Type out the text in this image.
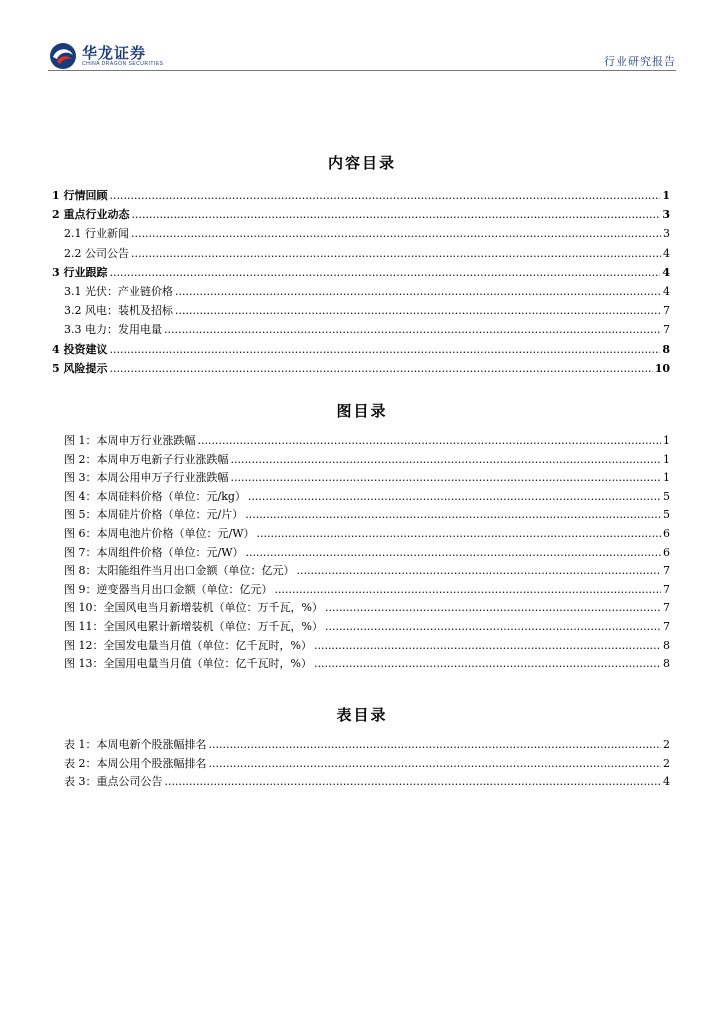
华龙证券
CHINA DRAGON SECURITIES	行业研究报告
内容目录
1 行情回顾 .....	1
2 重点行业动态 .....	3
2.1 行业新闻 .....	3
2.2 公司公告 .....	4
3 行业跟踪 .....	4
3.1 光伏：产业链价格 .....	4
3.2 风电：装机及招标 .....	7
3.3 电力：发用电量 .....	7
4 投资建议 .....	8
5 风险提示 .....	10
图目录
图 1：本周申万行业涨跌幅 .....	1
图 2：本周申万电新子行业涨跌幅 .....	1
图 3：本周公用申万子行业涨跌幅 .....	1
图 4：本周硅料价格（单位：元/kg） .....	5
图 5：本周硅片价格（单位：元/片） .....	5
图 6：本周电池片价格（单位：元/W） .....	6
图 7：本周组件价格（单位：元/W） .....	6
图 8：太阳能组件当月出口金额（单位：亿元） .....	7
图 9：逆变器当月出口金额（单位：亿元） .....	7
图 10：全国风电当月新增装机（单位：万千瓦，%） .....	7
图 11：全国风电累计新增装机（单位：万千瓦，%） .....	7
图 12：全国发电量当月值（单位：亿千瓦时，%） .....	8
图 13：全国用电量当月值（单位：亿千瓦时，%） .....	8
表目录
表 1：本周电新个股涨幅排名 .....	2
表 2：本周公用个股涨幅排名 .....	2
表 3：重点公司公告 .....	4
